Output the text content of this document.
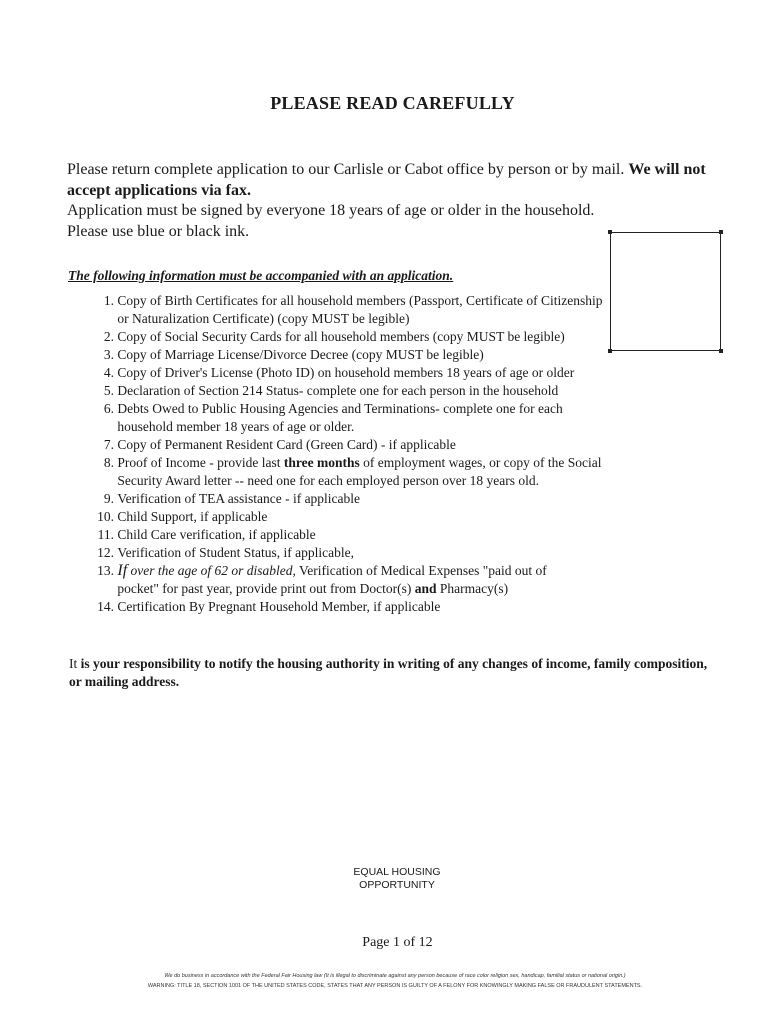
PLEASE READ CAREFULLY

Please return complete application to our Carlisle or Cabot office by person or by mail. We will not accept applications via fax.

Application must be signed by everyone 18 years of age or older in the household.

Please use blue or black ink.

The following information must be accompanied with an application.
1. Copy of Birth Certificates for all household members (Passport, Certificate of Citizenship
or Naturalization Certificate) (copy MUST be legible)
2. Copy of Social Security Cards for all household members (copy MUST be legible)
3. Copy of Marriage License/Divorce Decree (copy MUST be legible)
4. Copy of Driver's License (Photo ID) on household members 18 years of age or older
5. Declaration of Section 214 Status- complete one for each person in the household
6. Debts Owed to Public Housing Agencies and Terminations- complete one for each
household member 18 years of age or older.
7. Copy of Permanent Resident Card (Green Card) - if applicable
8. Proof of Income - provide last three months of employment wages, or copy of the Social
Security Award letter -- need one for each employed person over 18 years old.
9. Verification of TEA assistance - if applicable
10. Child Support, if applicable
11. Child Care verification, if applicable
12. Verification of Student Status, if applicable,
13. If over the age of 62 or disabled, Verification of Medical Expenses "paid out of
pocket" for past year, provide print out from Doctor(s) and Pharmacy(s)
14. Certification By Pregnant Household Member, if applicable
It is your responsibility to notify the housing authority in writing of any changes of income, family composition, or mailing address.
EQUAL HOUSING
OPPORTUNITY
Page 1 of 12
We do business in accordance with the Federal Fair Housing law (It is illegal to discriminate against any person because of race color religion sex, handicap, familial status or national origin.)
WARNING: TITLE 18, SECTION 1001 OF THE UNITED STATES CODE, STATES THAT ANY PERSON IS GUILTY OF A FELONY FOR KNOWINGLY MAKING FALSE OR FRAUDULENT STATEMENTS.
